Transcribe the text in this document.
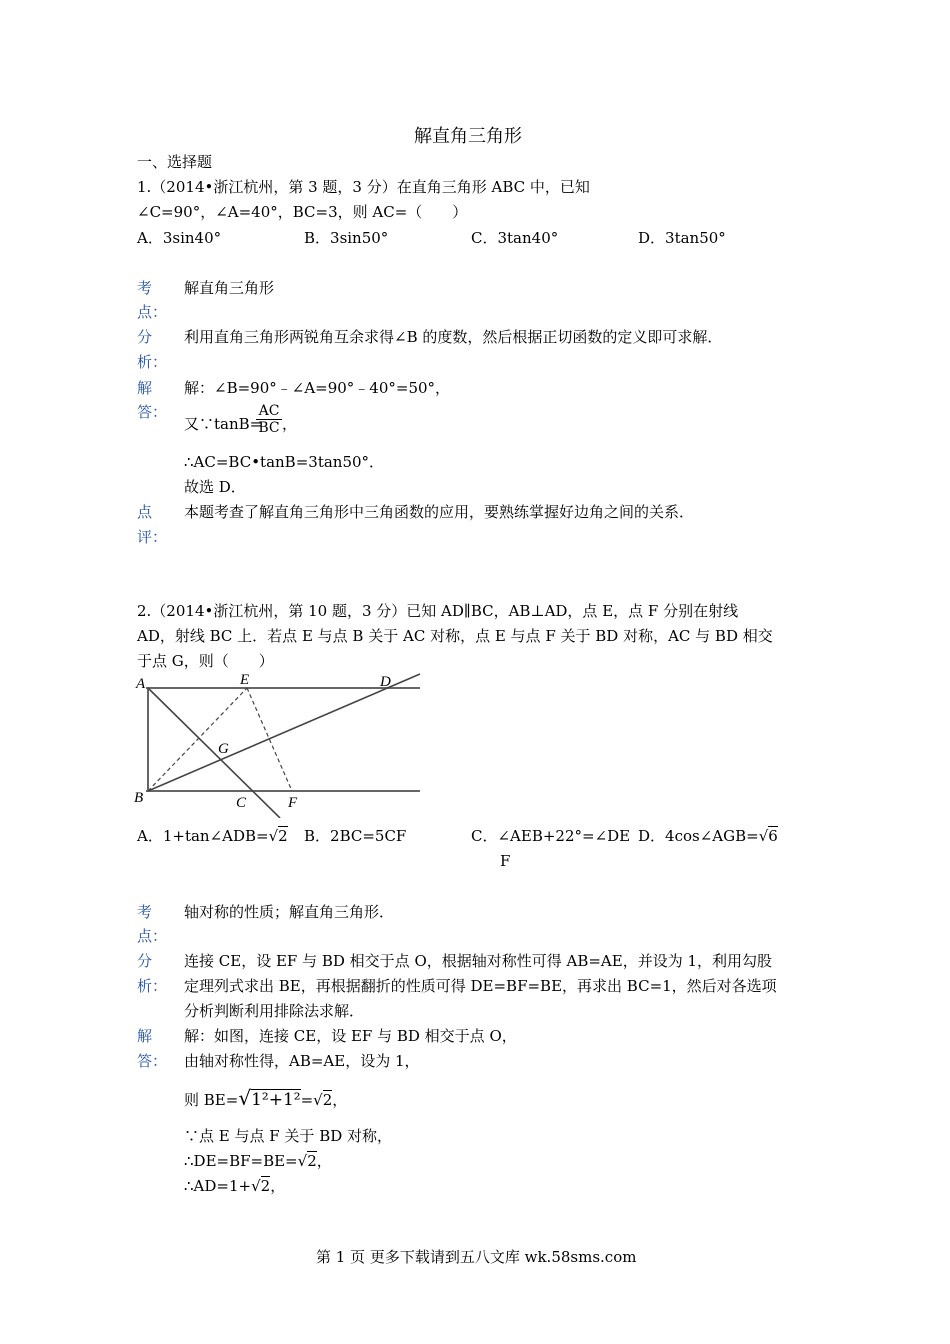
解直角三角形
一、选择题
1.（2014•浙江杭州，第 3 题，3 分）在直角三角形 ABC 中，已知
∠C=90°，∠A=40°，BC=3，则 AC=（　　）
A．3sin40°	B．3sin50°	C．3tan40°	D．3tan50°
考
点：
解直角三角形
分
析：
利用直角三角形两锐角互余求得∠B 的度数，然后根据正切函数的定义即可求解．
解
答：
解：∠B=90°﹣∠A=90°﹣40°=50°，
又∵tanB=
$\frac{AC}{BC}$ ，
∴AC=BC•tanB=3tan50°．
故选 D．
点
评：
本题考查了解直角三角形中三角函数的应用，要熟练掌握好边角之间的关系．
2.（2014•浙江杭州，第 10 题，3 分）已知 AD∥BC，AB⊥AD，点 E，点 F 分别在射线
AD，射线 BC 上．若点 E 与点 B 关于 AC 对称，点 E 与点 F 关于 BD 对称，AC 与 BD 相交
于点 G，则（　　）
A	E	D
G
B	C	F
A．1+tan∠ADB=√2 B．2BC=5CF	C．∠AEB+22°=∠DE
F
D．4cos∠AGB=√6
考
点：
轴对称的性质；解直角三角形．
分
析：
连接 CE，设 EF 与 BD 相交于点 O，根据轴对称性可得 AB=AE，并设为 1，利用勾股
定理列式求出 BE，再根据翻折的性质可得 DE=BF=BE，再求出 BC=1，然后对各选项
分析判断利用排除法求解．
解
答：
解：如图，连接 CE，设 EF 与 BD 相交于点 O，
由轴对称性得，AB=AE，设为 1，
则 BE=√1²+1²=√2，
∵点 E 与点 F 关于 BD 对称，
∴DE=BF=BE=√2，
∴AD=1+√2，
第 1 页 更多下载请到五八文库 wk.58sms.com
